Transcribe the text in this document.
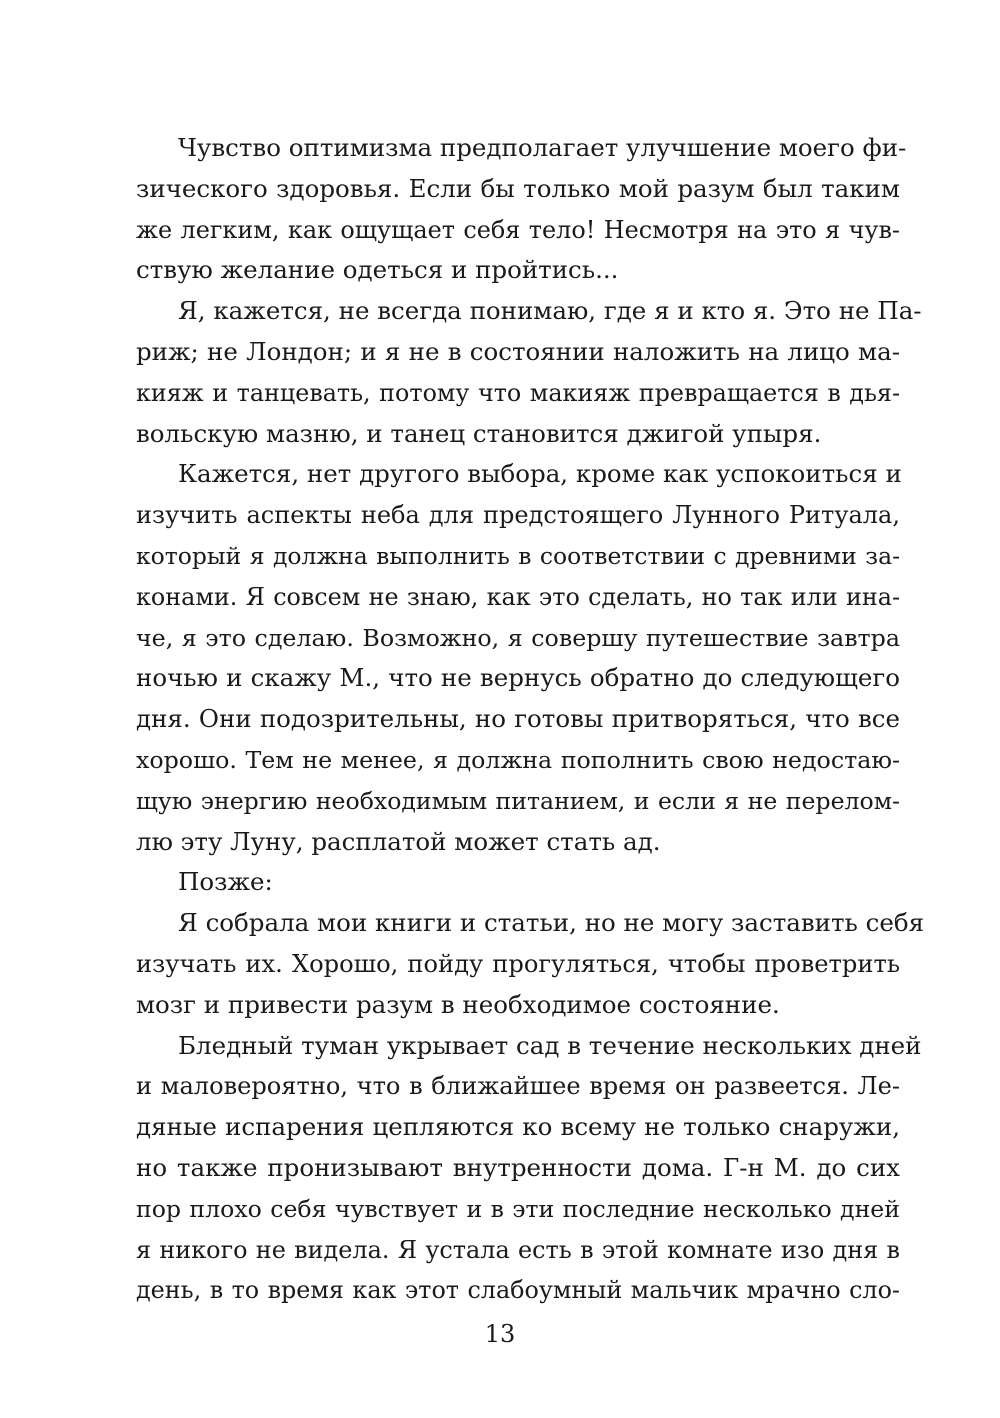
Чувство оптимизма предполагает улучшение моего фи-
зического здоровья. Если бы только мой разум был таким
же легким, как ощущает себя тело! Несмотря на это я чув-
ствую желание одеться и пройтись...
Я, кажется, не всегда понимаю, где я и кто я. Это не Па-
риж; не Лондон; и я не в состоянии наложить на лицо ма-
кияж и танцевать, потому что макияж превращается в дья-
вольскую мазню, и танец становится джигой упыря.
Кажется, нет другого выбора, кроме как успокоиться и
изучить аспекты неба для предстоящего Лунного Ритуала,
который я должна выполнить в соответствии с древними за-
конами. Я совсем не знаю, как это сделать, но так или ина-
че, я это сделаю. Возможно, я совершу путешествие завтра
ночью и скажу М., что не вернусь обратно до следующего
дня. Они подозрительны, но готовы притворяться, что все
хорошо. Тем не менее, я должна пополнить свою недостаю-
щую энергию необходимым питанием, и если я не перелом-
лю эту Луну, расплатой может стать ад.
Позже:
Я собрала мои книги и статьи, но не могу заставить себя
изучать их. Хорошо, пойду прогуляться, чтобы проветрить
мозг и привести разум в необходимое состояние.
Бледный туман укрывает сад в течение нескольких дней
и маловероятно, что в ближайшее время он развеется. Ле-
дяные испарения цепляются ко всему не только снаружи,
но также пронизывают внутренности дома. Г-н М. до сих
пор плохо себя чувствует и в эти последние несколько дней
я никого не видела. Я устала есть в этой комнате изо дня в
день, в то время как этот слабоумный мальчик мрачно сло-
13
